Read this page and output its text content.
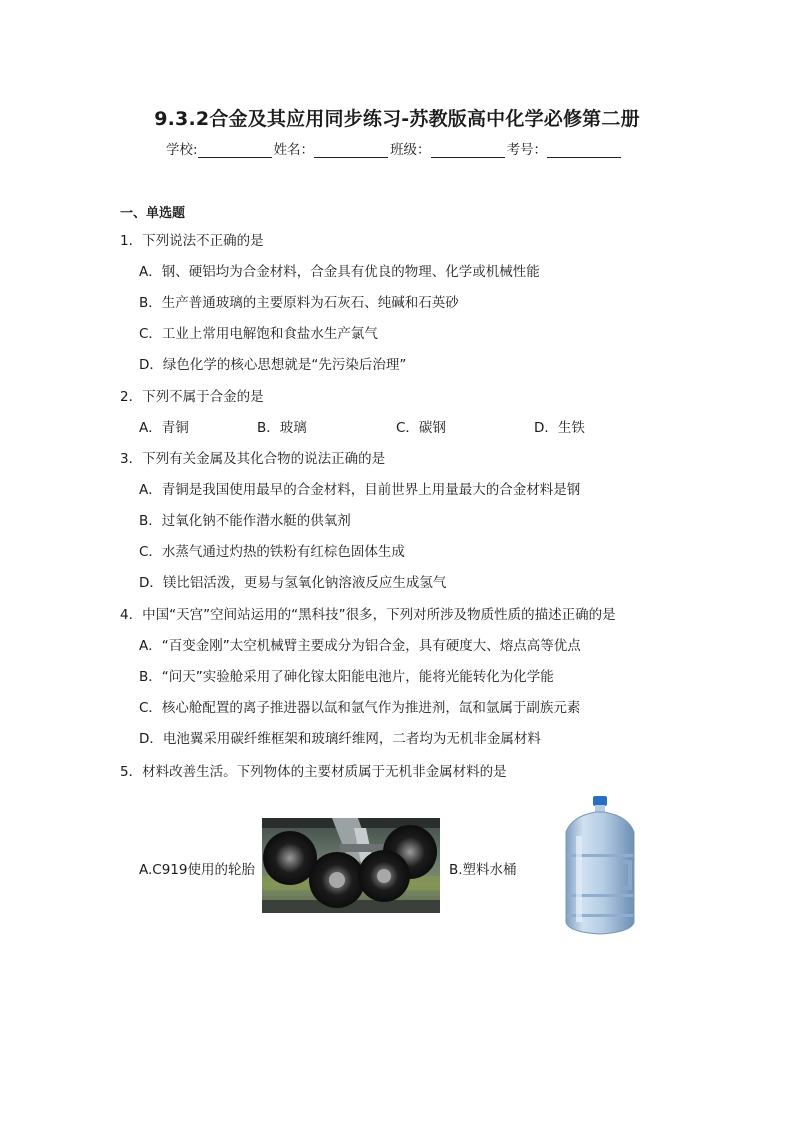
9.3.2合金及其应用同步练习-苏教版高中化学必修第二册
学校:	姓名：	班级：	考号：
一、单选题
1．下列说法不正确的是
A．钢、硬铝均为合金材料，合金具有优良的物理、化学或机械性能
B．生产普通玻璃的主要原料为石灰石、纯碱和石英砂
C．工业上常用电解饱和食盐水生产氯气
D．绿色化学的核心思想就是“先污染后治理”
2．下列不属于合金的是
A．青铜	B．玻璃	C．碳钢	D．生铁
3．下列有关金属及其化合物的说法正确的是
A．青铜是我国使用最早的合金材料，目前世界上用量最大的合金材料是钢
B．过氧化钠不能作潜水艇的供氧剂
C．水蒸气通过灼热的铁粉有红棕色固体生成
D．镁比铝活泼，更易与氢氧化钠溶液反应生成氢气
4．中国“天宫”空间站运用的“黑科技”很多，下列对所涉及物质性质的描述正确的是
A．“百变金刚”太空机械臂主要成分为铝合金，具有硬度大、熔点高等优点
B．“问天”实验舱采用了砷化镓太阳能电池片，能将光能转化为化学能
C．核心舱配置的离子推进器以氙和氩气作为推进剂，氙和氩属于副族元素
D．电池翼采用碳纤维框架和玻璃纤维网，二者均为无机非金属材料
5．材料改善生活。下列物体的主要材质属于无机非金属材料的是
A.C919使用的轮胎	B.塑料水桶
